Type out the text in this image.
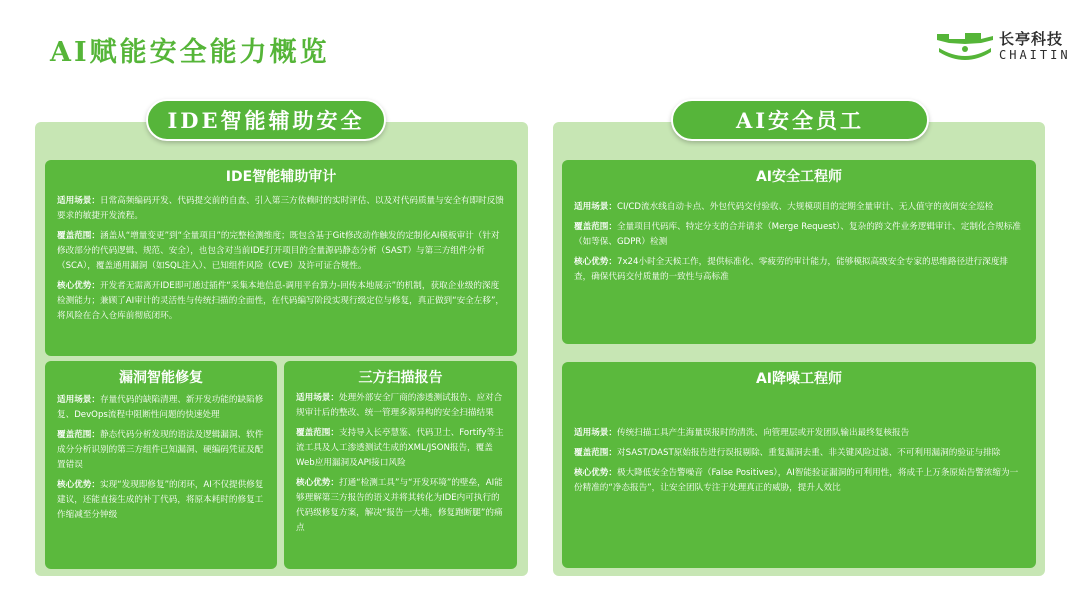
AI赋能安全能力概览	长亭科技
CHAITIN
IDE智能辅助安全
IDE智能辅助审计
适用场景：日常高频编码开发、代码提交前的自查、引入第三方依赖时的实时评估、以及对代码质量与安全有即时反馈要求的敏捷开发流程。
覆盖范围：涵盖从“增量变更”到“全量项目”的完整检测维度；既包含基于Git修改动作触发的定制化AI模板审计（针对修改部分的代码逻辑、规范、安全），也包含对当前IDE打开项目的全量源码静态分析（SAST）与第三方组件分析（SCA），覆盖通用漏洞（如SQL注入）、已知组件风险（CVE）及许可证合规性。
核心优势：开发者无需离开IDE即可通过插件“采集本地信息-调用平台算力-回传本地展示”的机制，获取企业级的深度检测能力；兼顾了AI审计的灵活性与传统扫描的全面性，在代码编写阶段实现行级定位与修复，真正做到“安全左移”，将风险在合入仓库前彻底闭环。
漏洞智能修复
适用场景：存量代码的缺陷清理、新开发功能的缺陷修复、DevOps流程中阻断性问题的快速处理
覆盖范围：静态代码分析发现的语法及逻辑漏洞、软件成分分析识别的第三方组件已知漏洞、硬编码凭证及配置错误
核心优势：实现“发现即修复”的闭环，AI不仅提供修复建议，还能直接生成的补丁代码，将原本耗时的修复工作缩减至分钟级
三方扫描报告
适用场景：处理外部安全厂商的渗透测试报告、应对合规审计后的整改、统一管理多源异构的安全扫描结果
覆盖范围：支持导入长亭慧鉴、代码卫士、Fortify等主流工具及人工渗透测试生成的XML/JSON报告，覆盖Web应用漏洞及API接口风险
核心优势：打通“检测工具”与“开发环境”的壁垒，AI能够理解第三方报告的语义并将其转化为IDE内可执行的代码级修复方案，解决“报告一大堆，修复跑断腿”的痛点
AI安全员工
AI安全工程师
适用场景：CI/CD流水线自动卡点、外包代码交付验收、大规模项目的定期全量审计、无人值守的夜间安全巡检
覆盖范围：全量项目代码库、特定分支的合并请求（Merge Request）、复杂的跨文件业务逻辑审计、定制化合规标准（如等保、GDPR）检测
核心优势：7x24小时全天候工作，提供标准化、零疲劳的审计能力，能够模拟高级安全专家的思维路径进行深度排查，确保代码交付质量的一致性与高标准
AI降噪工程师
适用场景：传统扫描工具产生海量误报时的清洗、向管理层或开发团队输出最终复核报告
覆盖范围：对SAST/DAST原始报告进行误报剔除、重复漏洞去重、非关键风险过滤、不可利用漏洞的验证与排除
核心优势：极大降低安全告警噪音（False Positives），AI智能验证漏洞的可利用性，将成千上万条原始告警浓缩为一份精准的“净态报告”，让安全团队专注于处理真正的威胁，提升人效比
